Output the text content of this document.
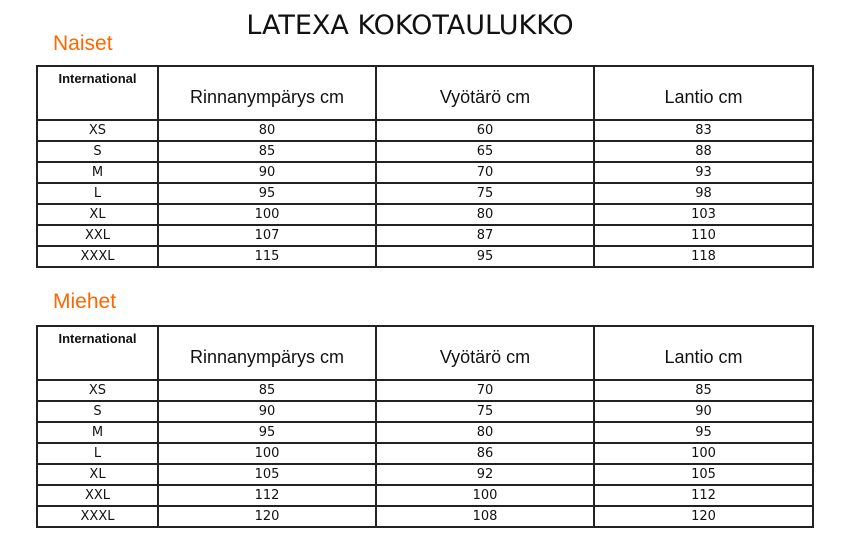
LATEXA KOKOTAULUKKO
Naiset
International	Rinnanympärys cm	Vyötärö cm	Lantio cm
XS	80	60	83
S	85	65	88
M	90	70	93
L	95	75	98
XL	100	80	103
XXL	107	87	110
XXXL	115	95	118
Miehet
International	Rinnanympärys cm	Vyötärö cm	Lantio cm
XS	85	70	85
S	90	75	90
M	95	80	95
L	100	86	100
XL	105	92	105
XXL	112	100	112
XXXL	120	108	120
